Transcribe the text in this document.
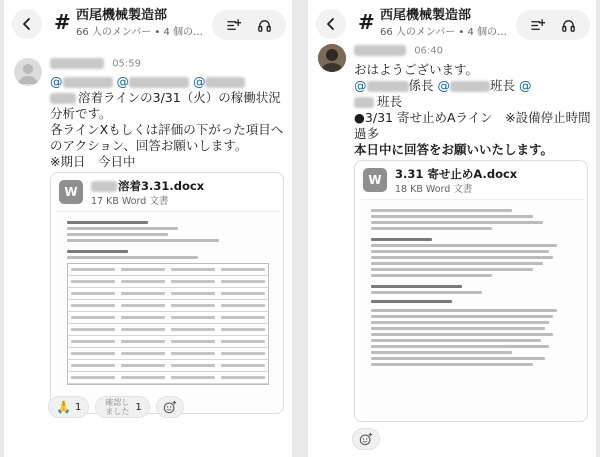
# 西尾機械製造部
66 人のメンバー • 4 個の…
05:59
@	@	@
溶着ラインの3/31（火）の稼働状況
分析です。
各ラインXもしくは評価の下がった項目へ
のアクション、回答お願いします。
※期日　今日中
W	溶着3.31.docx
17 KB Word 文書
🙏 1	確認しました 1
# 西尾機械製造部
66 人のメンバー • 4 個の…
06:40
おはようございます。
@	係長 @	班長 @
班長
●3/31 寄せ止めAライン　※設備停止時間
過多
本日中に回答をお願いいたします。
W	3.31 寄せ止めA.docx
18 KB Word 文書
